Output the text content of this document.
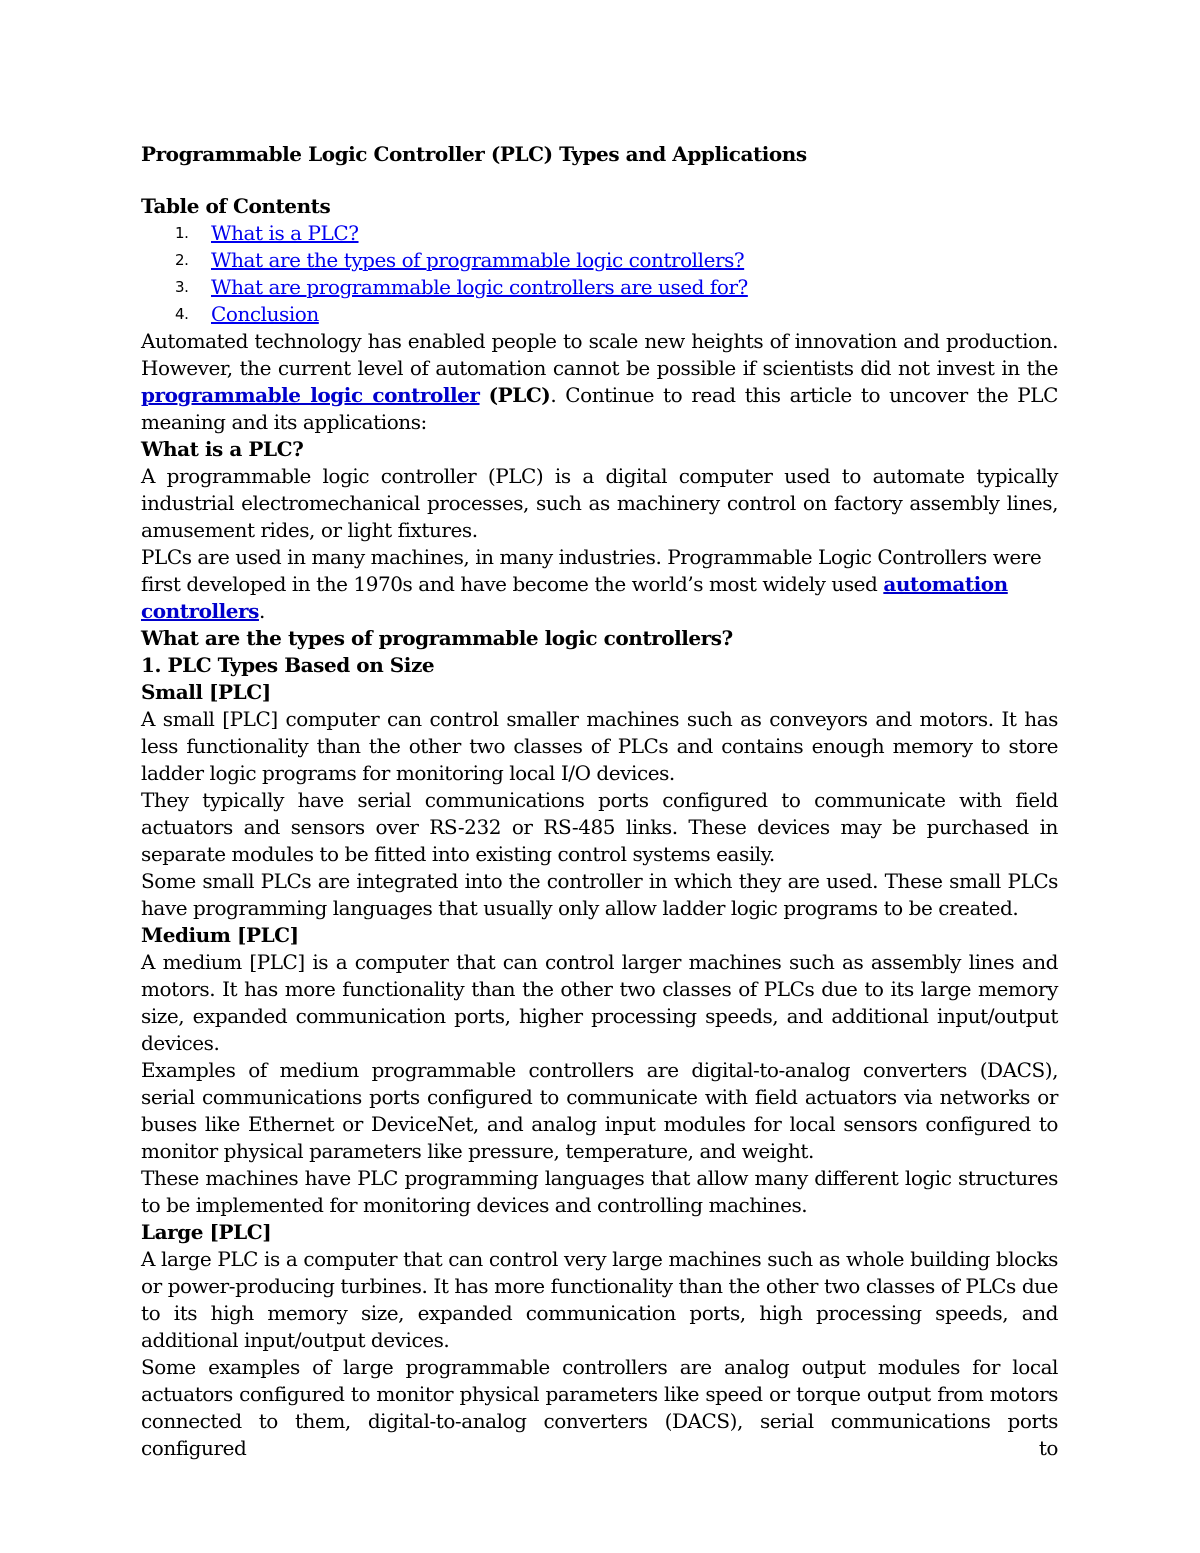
Programmable Logic Controller (PLC) Types and Applications
Table of Contents
1.	What is a PLC?
2.	What are the types of programmable logic controllers?
3.	What are programmable logic controllers are used for?
4.	Conclusion

Automated technology has enabled people to scale new heights of innovation and production. However, the current level of automation cannot be possible if scientists did not invest in the programmable logic controller (PLC). Continue to read this article to uncover the PLC meaning and its applications:

What is a PLC?

A programmable logic controller (PLC) is a digital computer used to automate typically industrial electromechanical processes, such as machinery control on factory assembly lines, amusement rides, or light fixtures.

PLCs are used in many machines, in many industries. Programmable Logic Controllers were first developed in the 1970s and have become the world’s most widely used automation controllers.

What are the types of programmable logic controllers?
1. PLC Types Based on Size
Small [PLC]

A small [PLC] computer can control smaller machines such as conveyors and motors. It has less functionality than the other two classes of PLCs and contains enough memory to store ladder logic programs for monitoring local I/O devices.

They typically have serial communications ports configured to communicate with field actuators and sensors over RS-232 or RS-485 links. These devices may be purchased in separate modules to be fitted into existing control systems easily.

Some small PLCs are integrated into the controller in which they are used. These small PLCs have programming languages that usually only allow ladder logic programs to be created.

Medium [PLC]

A medium [PLC] is a computer that can control larger machines such as assembly lines and motors. It has more functionality than the other two classes of PLCs due to its large memory size, expanded communication ports, higher processing speeds, and additional input/output devices.

Examples of medium programmable controllers are digital-to-analog converters (DACS), serial communications ports configured to communicate with field actuators via networks or buses like Ethernet or DeviceNet, and analog input modules for local sensors configured to monitor physical parameters like pressure, temperature, and weight.

These machines have PLC programming languages that allow many different logic structures to be implemented for monitoring devices and controlling machines.

Large [PLC]

A large PLC is a computer that can control very large machines such as whole building blocks or power-producing turbines. It has more functionality than the other two classes of PLCs due to its high memory size, expanded communication ports, high processing speeds, and additional input/output devices.

Some examples of large programmable controllers are analog output modules for local actuators configured to monitor physical parameters like speed or torque output from motors connected to them, digital-to-analog converters (DACS), serial communications ports configured to
